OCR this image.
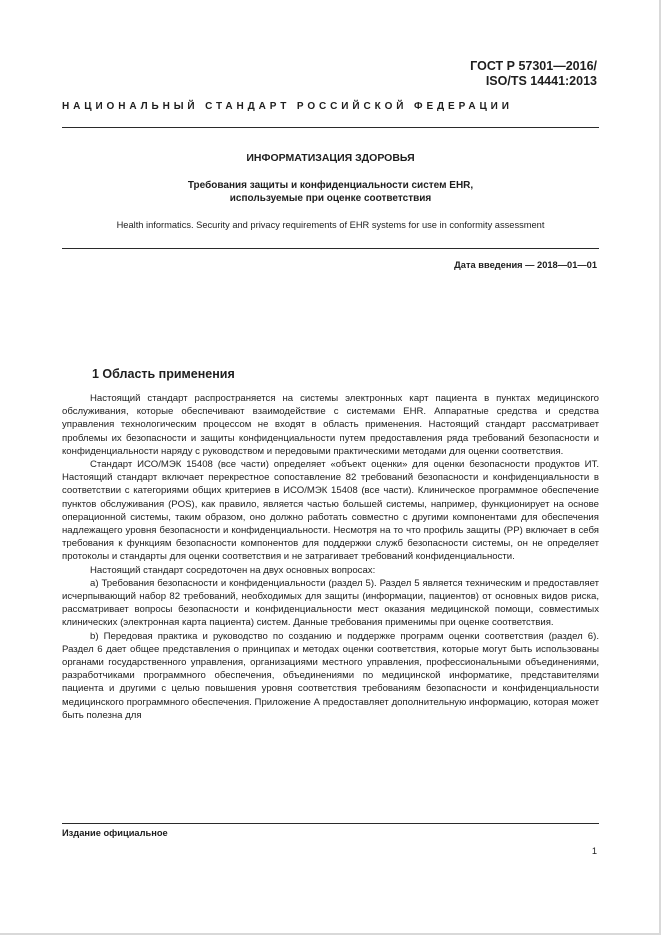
ГОСТ Р 57301—2016/
ISO/TS 14441:2013
НАЦИОНАЛЬНЫЙ СТАНДАРТ РОССИЙСКОЙ ФЕДЕРАЦИИ
ИНФОРМАТИЗАЦИЯ ЗДОРОВЬЯ
Требования защиты и конфиденциальности систем EHR,
используемые при оценке соответствия
Health informatics. Security and privacy requirements of EHR systems for use in conformity assessment
Дата введения — 2018—01—01
1 Область применения

Настоящий стандарт распространяется на системы электронных карт пациента в пунктах медицинского обслуживания, которые обеспечивают взаимодействие с системами EHR. Аппаратные средства и средства управления технологическим процессом не входят в область применения. Настоящий стандарт рассматривает проблемы их безопасности и защиты конфиденциальности путем предоставления ряда требований безопасности и конфиденциальности наряду с руководством и передовыми практическими методами для оценки соответствия.

Стандарт ИСО/МЭК 15408 (все части) определяет «объект оценки» для оценки безопасности продуктов ИТ. Настоящий стандарт включает перекрестное сопоставление 82 требований безопасности и конфиденциальности в соответствии с категориями общих критериев в ИСО/МЭК 15408 (все части). Клиническое программное обеспечение пунктов обслуживания (POS), как правило, является частью большей системы, например, функционирует на основе операционной системы, таким образом, оно должно работать совместно с другими компонентами для обеспечения надлежащего уровня безопасности и конфиденциальности. Несмотря на то что профиль защиты (PP) включает в себя требования к функциям безопасности компонентов для поддержки служб безопасности системы, он не определяет протоколы и стандарты для оценки соответствия и не затрагивает требований конфиденциальности.

Настоящий стандарт сосредоточен на двух основных вопросах:

а) Требования безопасности и конфиденциальности (раздел 5). Раздел 5 является техническим и предоставляет исчерпывающий набор 82 требований, необходимых для защиты (информации, пациентов) от основных видов риска, рассматривает вопросы безопасности и конфиденциальности мест оказания медицинской помощи, совместимых клинических (электронная карта пациента) систем. Данные требования применимы при оценке соответствия.

b) Передовая практика и руководство по созданию и поддержке программ оценки соответствия (раздел 6). Раздел 6 дает общее представления о принципах и методах оценки соответствия, которые могут быть использованы органами государственного управления, организациями местного управления, профессиональными объединениями, разработчиками программного обеспечения, объединениями по медицинской информатике, представителями пациента и другими с целью повышения уровня соответствия требованиям безопасности и конфиденциальности медицинского программного обеспечения. Приложение А предоставляет дополнительную информацию, которая может быть полезна для

Издание официальное
1
